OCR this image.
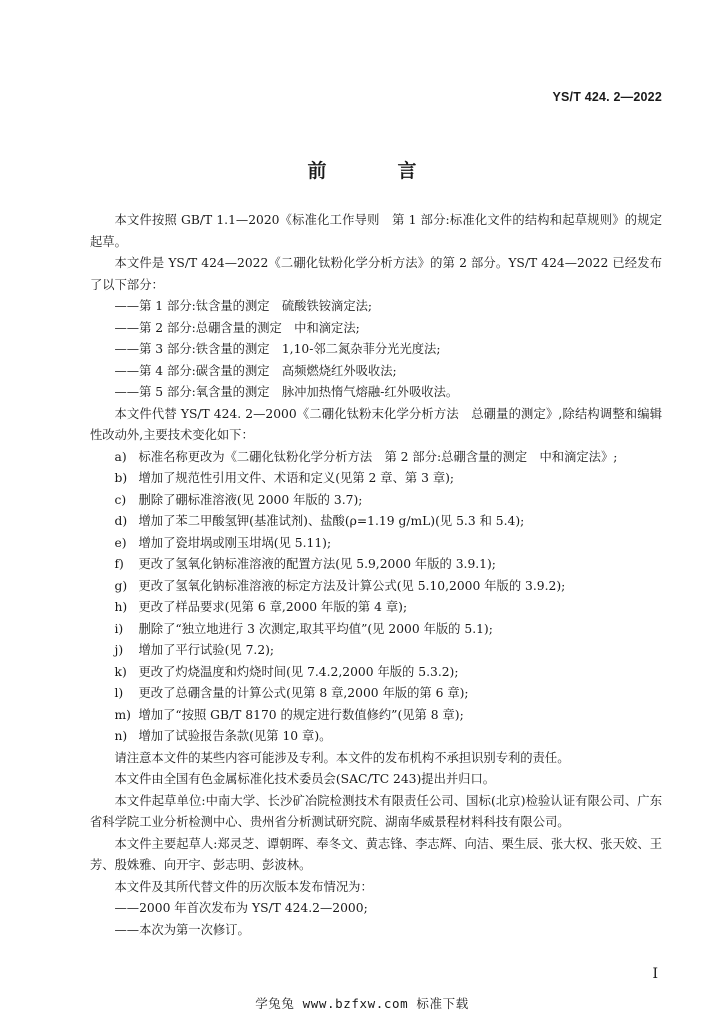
YS/T 424. 2—2022
前　言

本文件按照 GB/T 1.1—2020《标准化工作导则　第 1 部分:标准化文件的结构和起草规则》的规定起草。

本文件是 YS/T 424—2022《二硼化钛粉化学分析方法》的第 2 部分。YS/T 424—2022 已经发布了以下部分：

——第 1 部分:钛含量的测定　硫酸铁铵滴定法;

——第 2 部分:总硼含量的测定　中和滴定法;

——第 3 部分:铁含量的测定　1,10-邻二氮杂菲分光光度法;

——第 4 部分:碳含量的测定　高频燃烧红外吸收法;

——第 5 部分:氧含量的测定　脉冲加热惰气熔融-红外吸收法。

本文件代替 YS/T 424. 2—2000《二硼化钛粉末化学分析方法　总硼量的测定》,除结构调整和编辑性改动外,主要技术变化如下：

a) 标准名称更改为《二硼化钛粉化学分析方法　第 2 部分:总硼含量的测定　中和滴定法》;
b) 增加了规范性引用文件、术语和定义(见第 2 章、第 3 章);
c)	删除了硼标准溶液(见 2000 年版的 3.7);
d) 增加了苯二甲酸氢钾(基准试剂)、盐酸(ρ=1.19 g/mL)(见 5.3 和 5.4);
e) 增加了瓷坩埚或刚玉坩埚(见 5.11);
f)	更改了氢氧化钠标准溶液的配置方法(见 5.9,2000 年版的 3.9.1);
g) 更改了氢氧化钠标准溶液的标定方法及计算公式(见 5.10,2000 年版的 3.9.2);
h) 更改了样品要求(见第 6 章,2000 年版的第 4 章);
i)	删除了“独立地进行 3 次测定,取其平均值”(见 2000 年版的 5.1);
j)	增加了平行试验(见 7.2);
k) 更改了灼烧温度和灼烧时间(见 7.4.2,2000 年版的 5.3.2);
l)	更改了总硼含量的计算公式(见第 8 章,2000 年版的第 6 章);
m) 增加了“按照 GB/T 8170 的规定进行数值修约”(见第 8 章);
n) 增加了试验报告条款(见第 10 章)。

请注意本文件的某些内容可能涉及专利。本文件的发布机构不承担识别专利的责任。

本文件由全国有色金属标准化技术委员会(SAC/TC 243)提出并归口。

本文件起草单位:中南大学、长沙矿冶院检测技术有限责任公司、国标(北京)检验认证有限公司、广东省科学院工业分析检测中心、贵州省分析测试研究院、湖南华威景程材料科技有限公司。

本文件主要起草人:郑灵芝、谭朝晖、奉冬文、黄志锋、李志辉、向洁、栗生辰、张大权、张天姣、王芳、殷姝雅、向开宇、彭志明、彭波林。

本文件及其所代替文件的历次版本发布情况为：

——2000 年首次发布为 YS/T 424.2—2000;

——本次为第一次修订。

I
学兔兔 www.bzfxw.com 标准下载
